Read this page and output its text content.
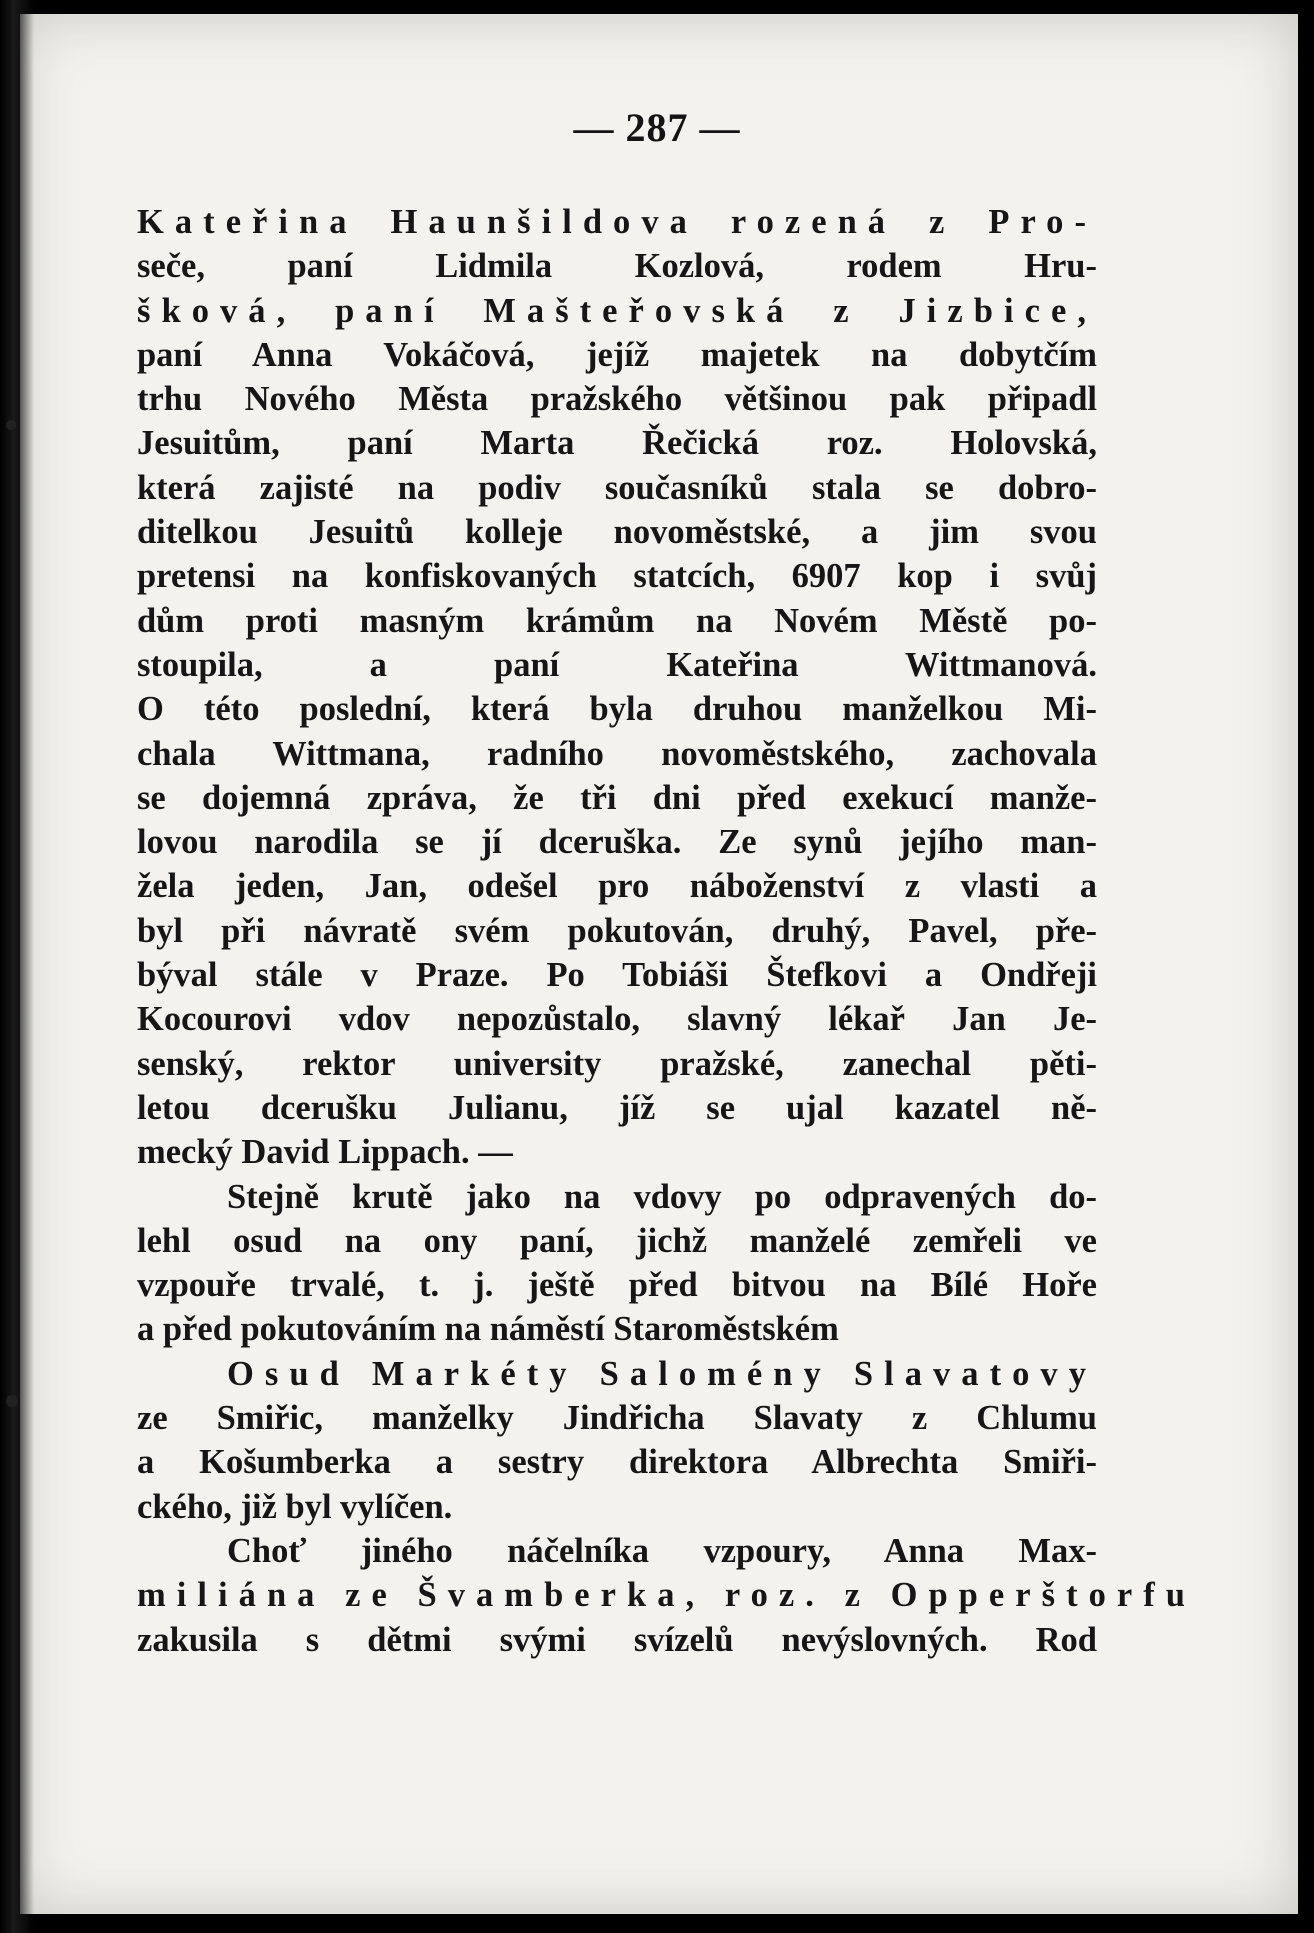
— 287 —
Kateřina Haunšildova rozená z Pro-
seče, paní Lidmila Kozlová, rodem Hru-
šková, paní Mašteřovská z Jizbice,
paní Anna Vokáčová, jejíž majetek na dobytčím
trhu Nového Města pražského většinou pak připadl
Jesuitům, paní Marta Řečická roz. Holovská,
která zajisté na podiv současníků stala se dobro-
ditelkou Jesuitů kolleje novoměstské, a jim svou
pretensi na konfiskovaných statcích, 6907 kop i svůj
dům proti masným krámům na Novém Městě po-
stoupila, a paní Kateřina Wittmanová.
O této poslední, která byla druhou manželkou Mi-
chala Wittmana, radního novoměstského, zachovala
se dojemná zpráva, že tři dni před exekucí manže-
lovou narodila se jí dceruška. Ze synů jejího man-
žela jeden, Jan, odešel pro náboženství z vlasti a
byl při návratě svém pokutován, druhý, Pavel, pře-
býval stále v Praze. Po Tobiáši Štefkovi a Ondřeji
Kocourovi vdov nepozůstalo, slavný lékař Jan Je-
senský, rektor university pražské, zanechal pěti-
letou dcerušku Julianu, jíž se ujal kazatel ně-
mecký David Lippach. —
Stejně krutě jako na vdovy po odpravených do-
lehl osud na ony paní, jichž manželé zemřeli ve
vzpouře trvalé, t. j. ještě před bitvou na Bílé Hoře
a před pokutováním na náměstí Staroměstském
Osud Markéty Salomény Slavatovy
ze Smiřic, manželky Jindřicha Slavaty z Chlumu
a Košumberka a sestry direktora Albrechta Smiři-
ckého, již byl vylíčen.
Choť jiného náčelníka vzpoury, Anna Max-
miliána ze Švamberka, roz. z Opperštorfu
zakusila s dětmi svými svízelů nevýslovných. Rod
